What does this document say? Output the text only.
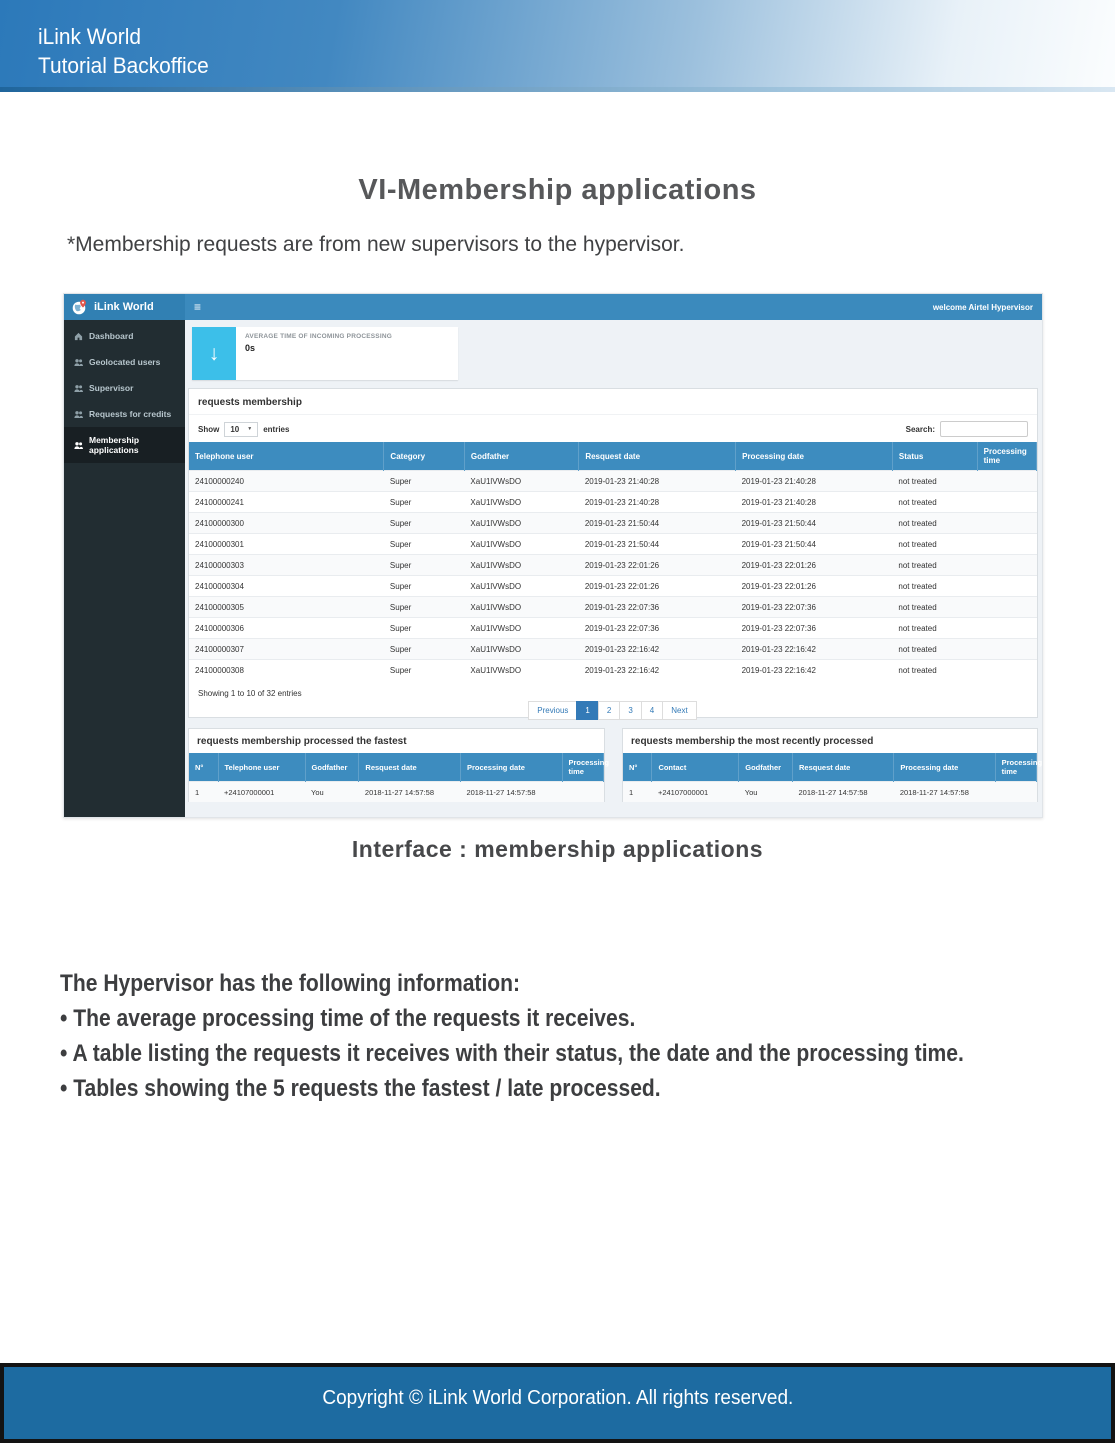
iLink World
Tutorial Backoffice
VI-Membership applications
*Membership requests are from new supervisors to the hypervisor.
iLink World	≡	welcome Airtel Hypervisor
Dashboard
Geolocated users
Supervisor
Requests for credits
Membership applications
↓
AVERAGE TIME OF INCOMING PROCESSING
0s
requests membership
Show 10 ▼ entries	Search:
Telephone user	Category	Godfather	Resquest date	Processing date	Status	Processing time
24100000240	Super	XaU1lVWsDO	2019-01-23 21:40:28	2019-01-23 21:40:28	not treated	
24100000241	Super	XaU1lVWsDO	2019-01-23 21:40:28	2019-01-23 21:40:28	not treated	
24100000300	Super	XaU1lVWsDO	2019-01-23 21:50:44	2019-01-23 21:50:44	not treated	
24100000301	Super	XaU1lVWsDO	2019-01-23 21:50:44	2019-01-23 21:50:44	not treated	
24100000303	Super	XaU1lVWsDO	2019-01-23 22:01:26	2019-01-23 22:01:26	not treated	
24100000304	Super	XaU1lVWsDO	2019-01-23 22:01:26	2019-01-23 22:01:26	not treated	
24100000305	Super	XaU1lVWsDO	2019-01-23 22:07:36	2019-01-23 22:07:36	not treated	
24100000306	Super	XaU1lVWsDO	2019-01-23 22:07:36	2019-01-23 22:07:36	not treated	
24100000307	Super	XaU1lVWsDO	2019-01-23 22:16:42	2019-01-23 22:16:42	not treated	
24100000308	Super	XaU1lVWsDO	2019-01-23 22:16:42	2019-01-23 22:16:42	not treated	
Showing 1 to 10 of 32 entries
Previous	1	2	3	4	Next
requests membership processed the fastest
N°	Telephone user	Godfather	Resquest date	Processing date	Processing time
1	+24107000001	You	2018-11-27 14:57:58	2018-11-27 14:57:58	
requests membership the most recently processed
N°	Contact	Godfather	Resquest date	Processing date	Processing time
1	+24107000001	You	2018-11-27 14:57:58	2018-11-27 14:57:58	
Interface : membership applications
The Hypervisor has the following information:
• The average processing time of the requests it receives.
• A table listing the requests it receives with their status, the date and the processing time.
• Tables showing the 5 requests the fastest / late processed.
Copyright © iLink World Corporation. All rights reserved.
